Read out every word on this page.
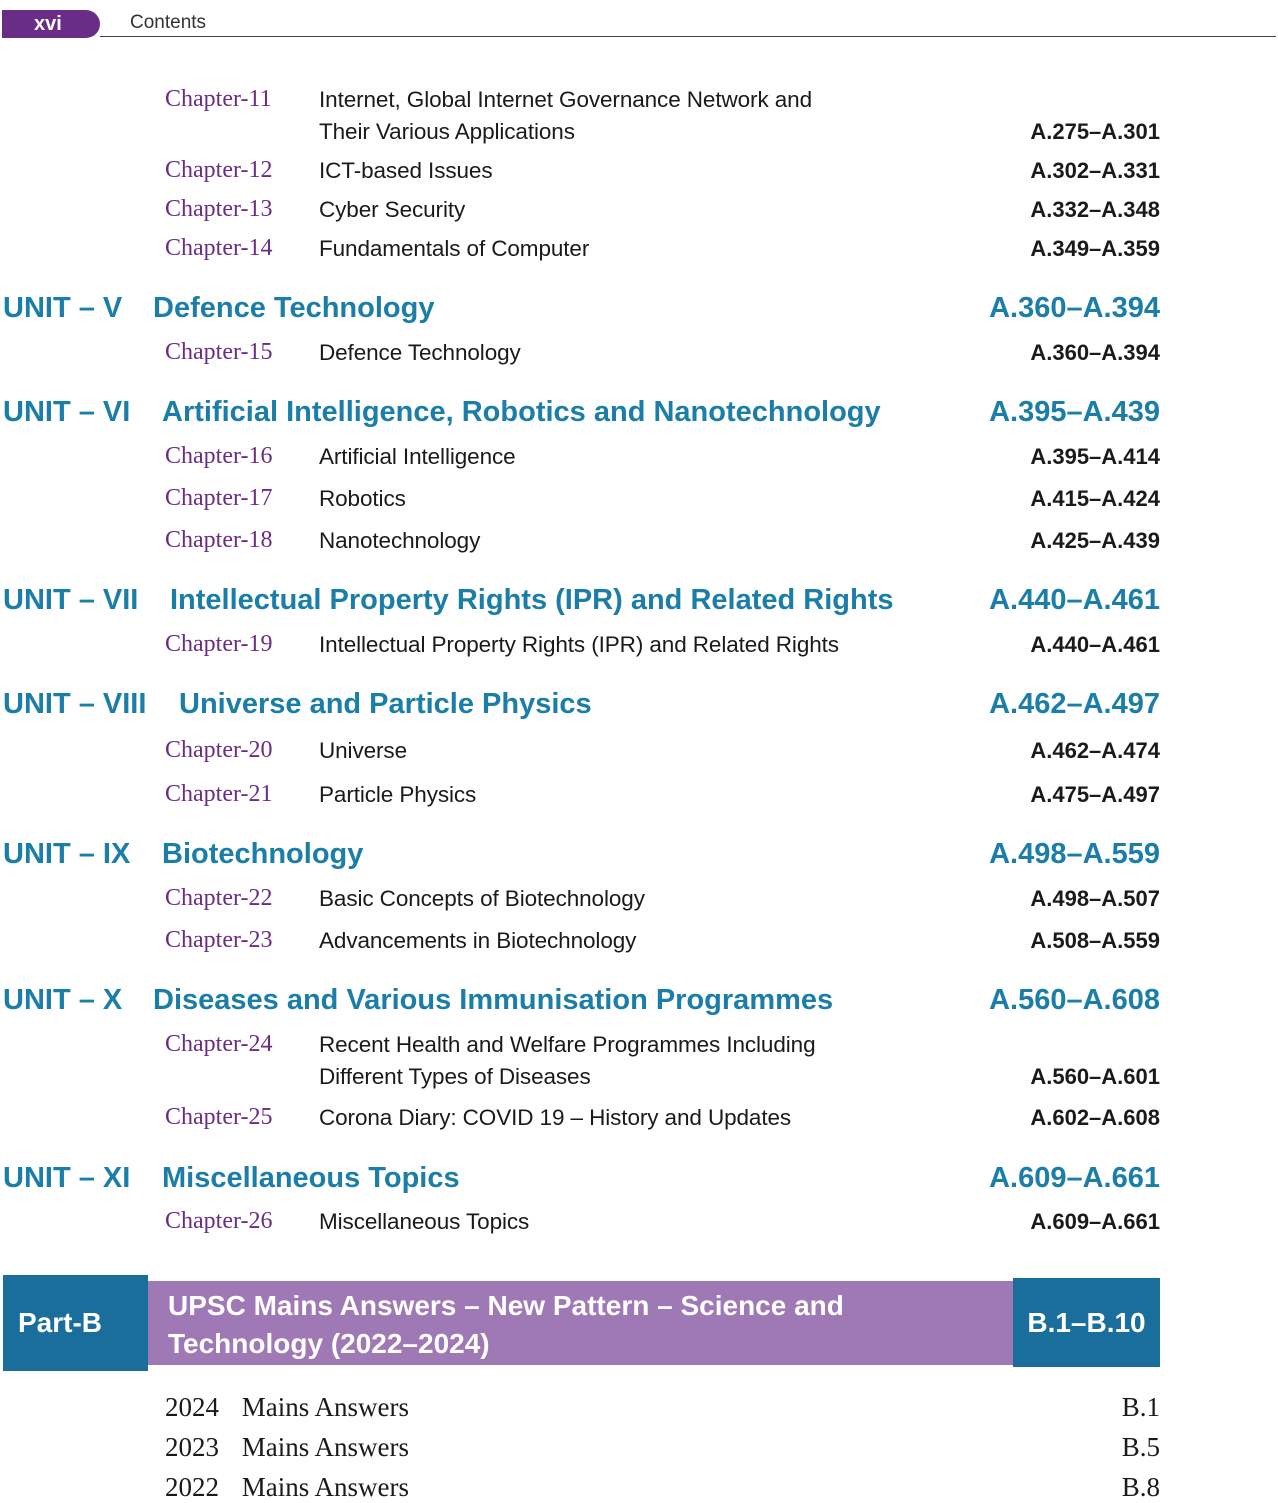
xvi	Contents
Chapter-11 Internet, Global Internet Governance Network and
Their Various Applications	A.275–A.301
Chapter-12 ICT-based Issues	A.302–A.331
Chapter-13 Cyber Security	A.332–A.348
Chapter-14 Fundamentals of Computer	A.349–A.359
UNIT – V Defence Technology	A.360–A.394
Chapter-15 Defence Technology	A.360–A.394
UNIT – VI Artificial Intelligence, Robotics and Nanotechnology	A.395–A.439
Chapter-16 Artificial Intelligence	A.395–A.414
Chapter-17 Robotics	A.415–A.424
Chapter-18 Nanotechnology	A.425–A.439
UNIT – VII Intellectual Property Rights (IPR) and Related Rights	A.440–A.461
Chapter-19 Intellectual Property Rights (IPR) and Related Rights	A.440–A.461
UNIT – VIII Universe and Particle Physics	A.462–A.497
Chapter-20 Universe	A.462–A.474
Chapter-21 Particle Physics	A.475–A.497
UNIT – IX Biotechnology	A.498–A.559
Chapter-22 Basic Concepts of Biotechnology	A.498–A.507
Chapter-23 Advancements in Biotechnology	A.508–A.559
UNIT – X Diseases and Various Immunisation Programmes	A.560–A.608
Chapter-24 Recent Health and Welfare Programmes Including
Different Types of Diseases	A.560–A.601
Chapter-25 Corona Diary: COVID 19 – History and Updates	A.602–A.608
UNIT – XI Miscellaneous Topics	A.609–A.661
Chapter-26 Miscellaneous Topics	A.609–A.661
Part-B
UPSC Mains Answers – New Pattern – Science and
Technology (2022–2024)
B.1–B.10
2024 Mains Answers	B.1
2023 Mains Answers	B.5
2022 Mains Answers	B.8
